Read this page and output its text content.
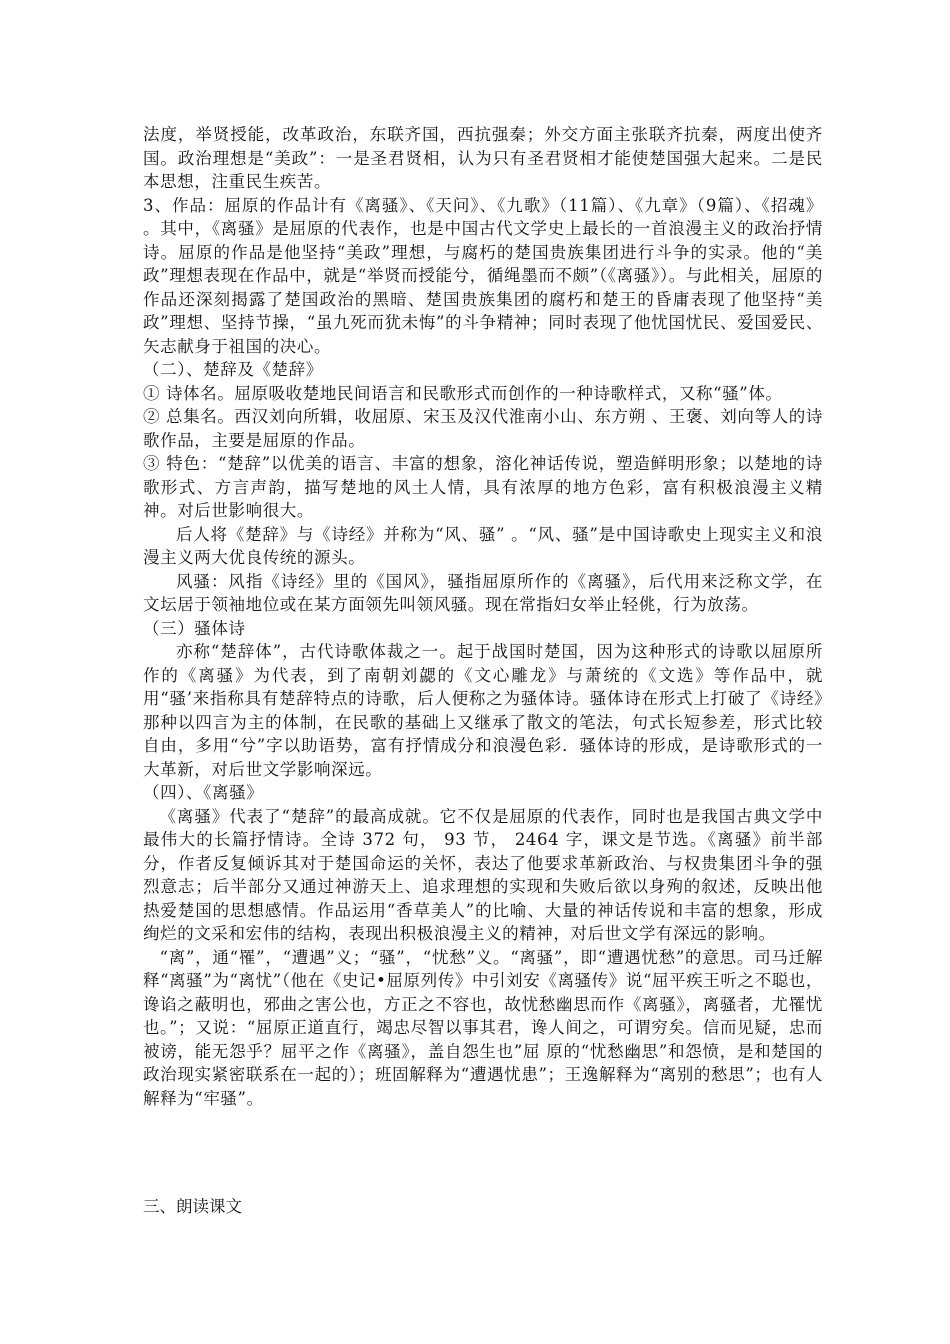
法度，举贤授能，改革政治，东联齐国，西抗强秦；外交方面主张联齐抗秦，两度出使齐国。政治理想是“美政”：一是圣君贤相，认为只有圣君贤相才能使楚国强大起来。二是民本思想，注重民生疾苦。

3、作品：屈原的作品计有《离骚》、《天问》、《九歌》（11篇）、《九章》（9篇）、《招魂》 。其中，《离骚》是屈原的代表作，也是中国古代文学史上最长的一首浪漫主义的政治抒情诗。屈原的作品是他坚持“美政”理想，与腐朽的楚国贵族集团进行斗争的实录。他的“美政”理想表现在作品中，就是“举贤而授能兮，循绳墨而不颇”（《离骚》）。与此相关，屈原的作品还深刻揭露了楚国政治的黑暗、楚国贵族集团的腐朽和楚王的昏庸表现了他坚持“美政”理想、坚持节操，“虽九死而犹未悔”的斗争精神；同时表现了他忧国忧民、爱国爱民、矢志献身于祖国的决心。

（二）、楚辞及《楚辞》

① 诗体名。屈原吸收楚地民间语言和民歌形式而创作的一种诗歌样式，又称“骚”体。

② 总集名。西汉刘向所辑，收屈原、宋玉及汉代淮南小山、东方朔 、王褒、刘向等人的诗歌作品，主要是屈原的作品。

③ 特色：“楚辞”以优美的语言、丰富的想象，溶化神话传说，塑造鲜明形象；以楚地的诗歌形式、方言声韵，描写楚地的风土人情，具有浓厚的地方色彩，富有积极浪漫主义精神。对后世影响很大。

后人将《楚辞》与《诗经》并称为“风、骚” 。“风、骚”是中国诗歌史上现实主义和浪漫主义两大优良传统的源头。

风骚：风指《诗经》里的《国风》，骚指屈原所作的《离骚》，后代用来泛称文学，在文坛居于领袖地位或在某方面领先叫领风骚。现在常指妇女举止轻佻，行为放荡。

（三）骚体诗

亦称“楚辞体”，古代诗歌体裁之一。起于战国时楚国，因为这种形式的诗歌以屈原所作的《离骚》为代表，到了南朝刘勰的《文心雕龙》与萧统的《文选》等作品中，就用“骚’来指称具有楚辞特点的诗歌，后人便称之为骚体诗。骚体诗在形式上打破了《诗经》那种以四言为主的体制，在民歌的基础上又继承了散文的笔法，句式长短参差，形式比较自由，多用“兮”字以助语势，富有抒情成分和浪漫色彩．骚体诗的形成，是诗歌形式的一大革新，对后世文学影响深远。

（四）、《离骚》

《离骚》代表了“楚辞”的最高成就。它不仅是屈原的代表作，同时也是我国古典文学中最伟大的长篇抒情诗。全诗 372 句， 93 节， 2464 字，课文是节选。《离骚》前半部分，作者反复倾诉其对于楚国命运的关怀，表达了他要求革新政治、与权贵集团斗争的强烈意志；后半部分又通过神游天上、追求理想的实现和失败后欲以身殉的叙述，反映出他热爱楚国的思想感情。作品运用“香草美人”的比喻、大量的神话传说和丰富的想象，形成绚烂的文采和宏伟的结构，表现出积极浪漫主义的精神，对后世文学有深远的影响。

“离”，通“罹”，“遭遇”义；“骚”，“忧愁”义。“离骚”，即“遭遇忧愁”的意思。司马迁解释“离骚”为“离忧”（他在《史记•屈原列传》中引刘安《离骚传》说“屈平疾王听之不聪也， 谗谄之蔽明也，邪曲之害公也，方正之不容也，故忧愁幽思而作《离骚》，离骚者，尤罹忧也。”；又说：“屈原正道直行，竭忠尽智以事其君，谗人间之，可谓穷矣。信而见疑，忠而被谤，能无怨乎？屈平之作《离骚》，盖自怨生也”屈 原的“忧愁幽思”和怨愤，是和楚国的政治现实紧密联系在一起的）；班固解释为“遭遇忧患”；王逸解释为“离别的愁思”；也有人解释为“牢骚”。

三、朗读课文
